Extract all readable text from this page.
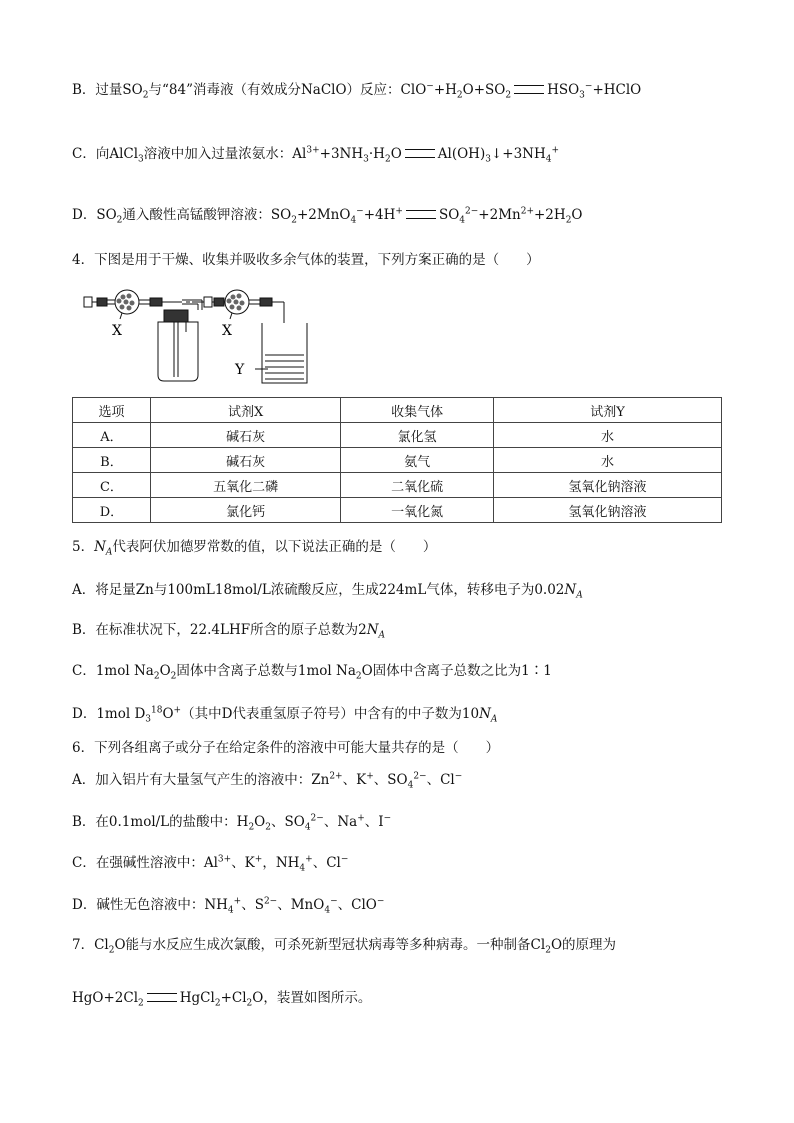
B．过量$SO_2$与“84”消毒液（有效成分NaClO）反应：$ClO^-+H_2O+SO_2$	$HSO_3^-+HClO$
C．向AlCl$_3$溶液中加入过量浓氨水：$Al^{3+}+3NH_3\cdot H_2O$	$Al(OH)_3↓+3NH_4^+$
D．$SO_2$通入酸性高锰酸钾溶液：$SO_2+2MnO_4^-+4H^+$	$SO_4^{2-}+2Mn^{2+}+2H_2O$
4．下图是用于干燥、收集并吸收多余气体的装置，下列方案正确的是（　　）
X	X
Y
选项	试剂X	收集气体	试剂Y
A．	碱石灰	氯化氢	水
B．	碱石灰	氨气	水
C．	五氧化二磷	二氧化硫	氢氧化钠溶液
D．	氯化钙	一氧化氮	氢氧化钠溶液
5．$N_A$代表阿伏加德罗常数的值，以下说法正确的是（　　）
A．将足量Zn与100mL18mol/L浓硫酸反应，生成224mL气体，转移电子为$0.02N_A$
B．在标准状况下，22.4LHF所含的原子总数为$2N_A$
C．1mol $Na_2O_2$固体中含离子总数与1mol $Na_2O$固体中含离子总数之比为1∶1
D．1mol $D_3^{18}O^+$（其中D代表重氢原子符号）中含有的中子数为$10N_A$
6．下列各组离子或分子在给定条件的溶液中可能大量共存的是（　　）
A．加入铝片有大量氢气产生的溶液中：$Zn^{2+}$、K+、$SO_4^{2-}$、Cl−
B．在0.1mol/L的盐酸中：$H_2O_2$、$SO_4^{2-}$、Na+、I−
C．在强碱性溶液中：$Al^{3+}$、K+，$NH_4^+$、Cl−
D．碱性无色溶液中：$NH_4^+$、$S^{2-}$、MnO$_4$−、ClO−
7．$Cl_2O$能与水反应生成次氯酸，可杀死新型冠状病毒等多种病毒。一种制备$Cl_2O$的原理为
$HgO+2Cl_2$	$HgCl_2+Cl_2O$，装置如图所示。
